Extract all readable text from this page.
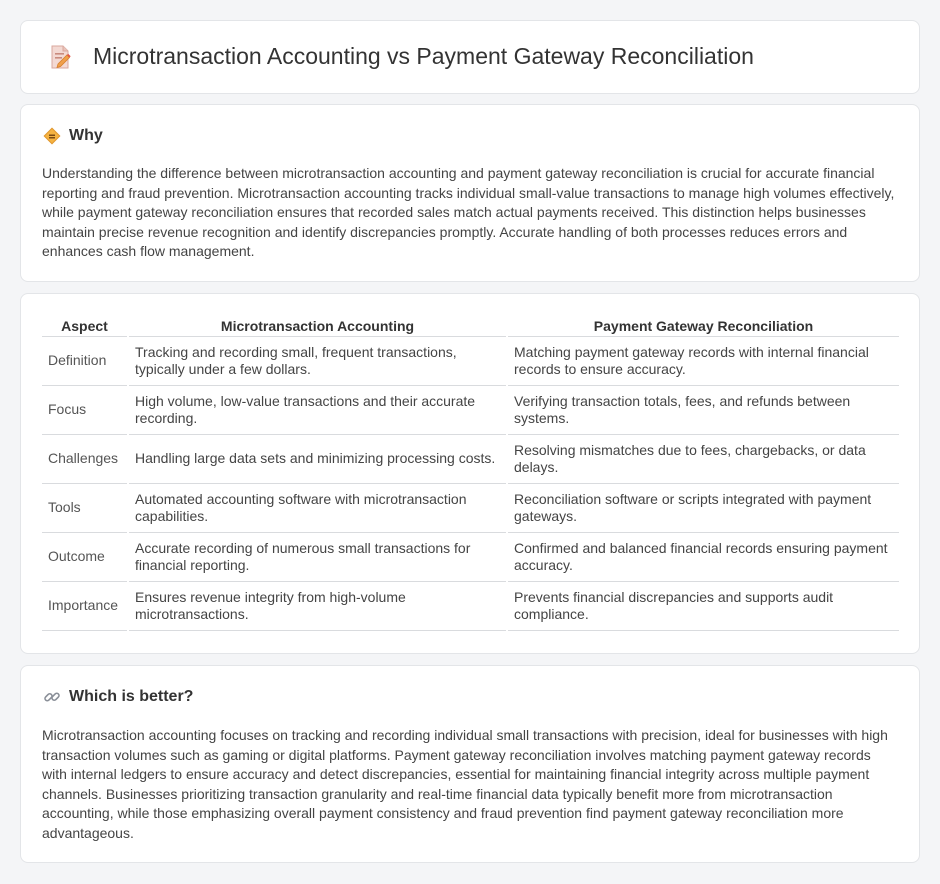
Microtransaction Accounting vs Payment Gateway Reconciliation
Why

Understanding the difference between microtransaction accounting and payment gateway reconciliation is crucial for accurate financial reporting and fraud prevention. Microtransaction accounting tracks individual small-value transactions to manage high volumes effectively, while payment gateway reconciliation ensures that recorded sales match actual payments received. This distinction helps businesses maintain precise revenue recognition and identify discrepancies promptly. Accurate handling of both processes reduces errors and enhances cash flow management.

Aspect	Microtransaction Accounting	Payment Gateway Reconciliation
Definition	Tracking and recording small, frequent transactions, typically under a few dollars.	Matching payment gateway records with internal financial records to ensure accuracy.
Focus	High volume, low-value transactions and their accurate recording.	Verifying transaction totals, fees, and refunds between systems.
Challenges	Handling large data sets and minimizing processing costs.	Resolving mismatches due to fees, chargebacks, or data delays.
Tools	Automated accounting software with microtransaction capabilities.	Reconciliation software or scripts integrated with payment gateways.
Outcome	Accurate recording of numerous small transactions for financial reporting.	Confirmed and balanced financial records ensuring payment accuracy.
Importance	Ensures revenue integrity from high-volume microtransactions.	Prevents financial discrepancies and supports audit compliance.
Which is better?

Microtransaction accounting focuses on tracking and recording individual small transactions with precision, ideal for businesses with high transaction volumes such as gaming or digital platforms. Payment gateway reconciliation involves matching payment gateway records with internal ledgers to ensure accuracy and detect discrepancies, essential for maintaining financial integrity across multiple payment channels. Businesses prioritizing transaction granularity and real-time financial data typically benefit more from microtransaction accounting, while those emphasizing overall payment consistency and fraud prevention find payment gateway reconciliation more advantageous.
